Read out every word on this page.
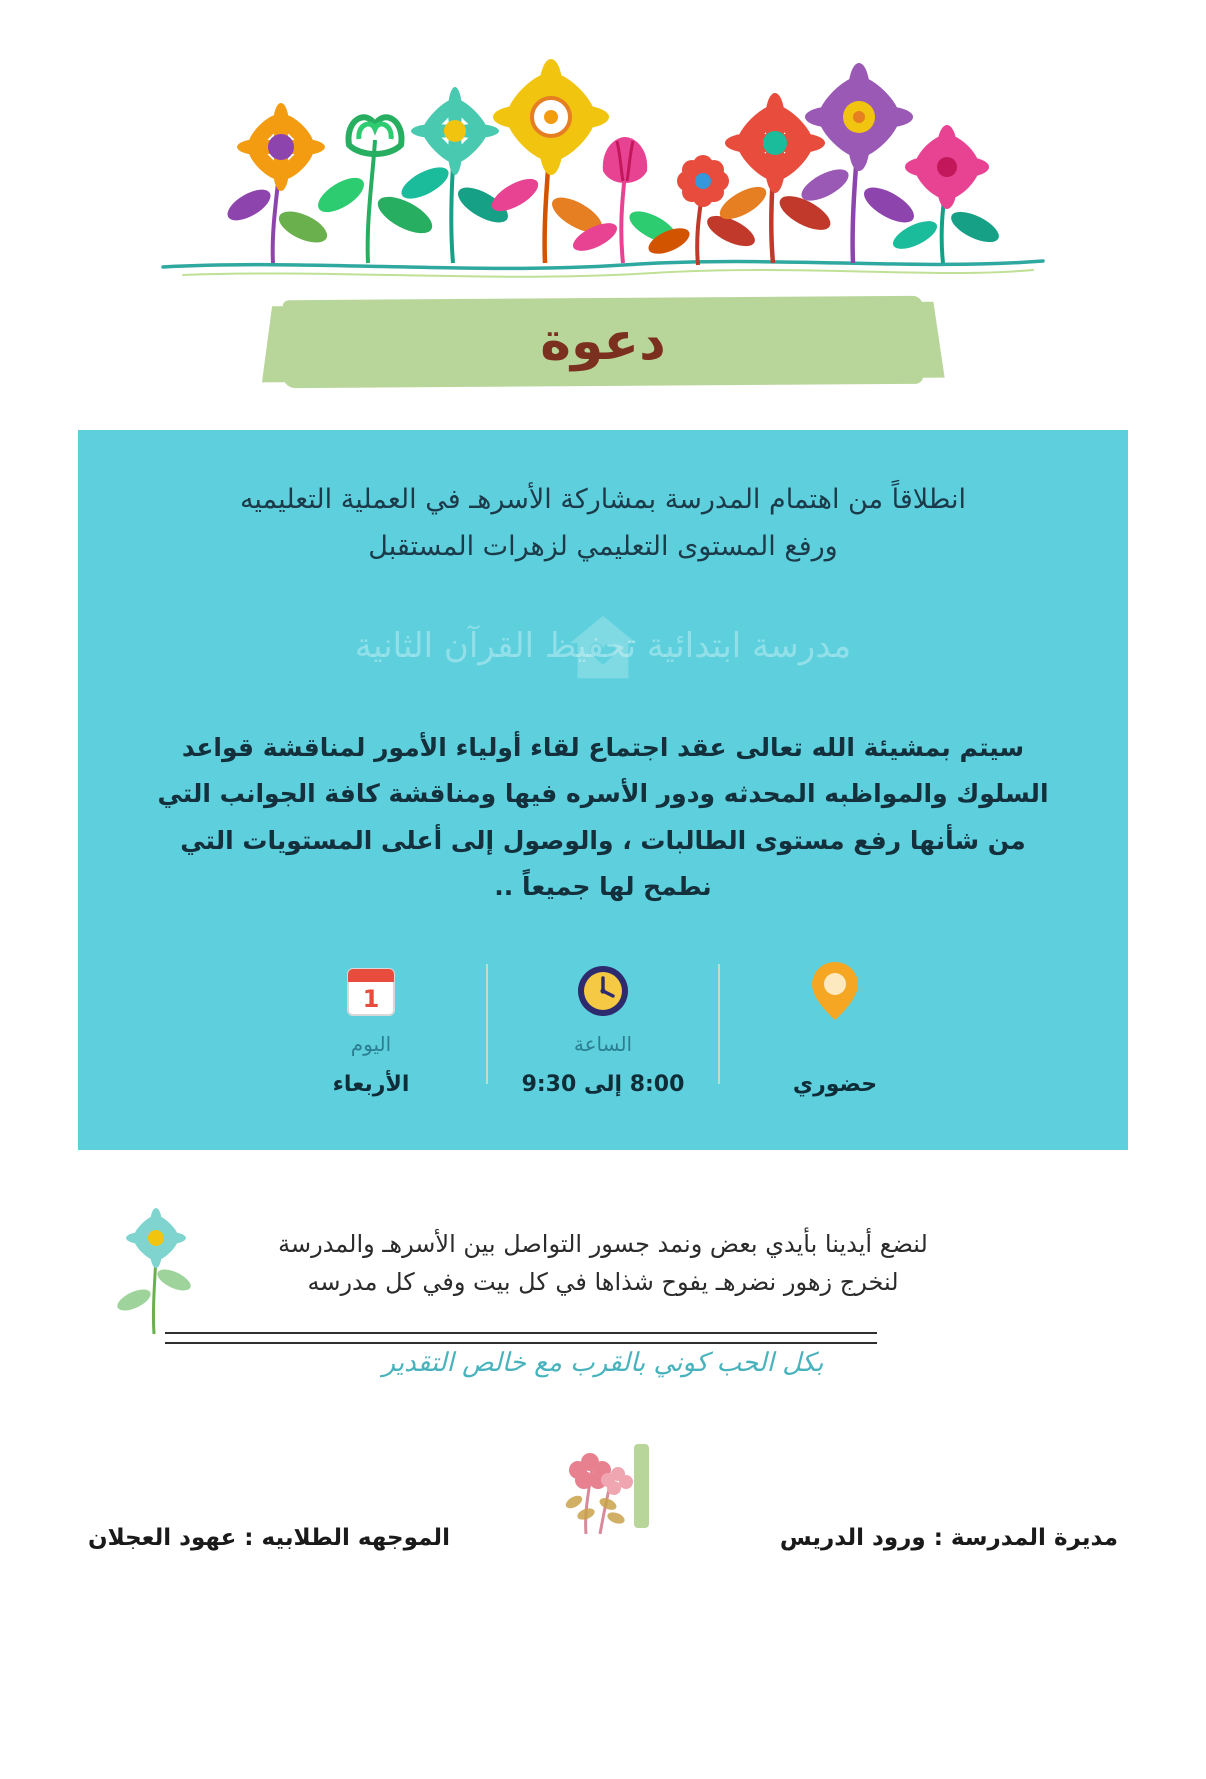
دعوة
انطلاقاً من اهتمام المدرسة بمشاركة الأسرهـ في العملية التعليميه
ورفع المستوى التعليمي لزهرات المستقبل
مدرسة ابتدائية تحفيظ القرآن الثانية
سيتم بمشيئة الله تعالى عقد اجتماع لقاء أولياء الأمور لمناقشة قواعد
السلوك والمواظبه المحدثه ودور الأسره فيها ومناقشة كافة الجوانب التي
من شأنها رفع مستوى الطالبات ، والوصول إلى أعلى المستويات التي
نطمح لها جميعاً ..
حضوري
الساعة
8:00 إلى 9:30
1
اليوم
الأربعاء
لنضع أيدينا بأيدي بعض ونمد جسور التواصل بين الأسرهـ والمدرسة
لنخرج زهور نضرهـ يفوح شذاها في كل بيت وفي كل مدرسه
بكل الحب كوني بالقرب مع خالص التقدير
مديرة المدرسة : ورود الدريس
الموجهه الطلابيه : عهود العجلان
